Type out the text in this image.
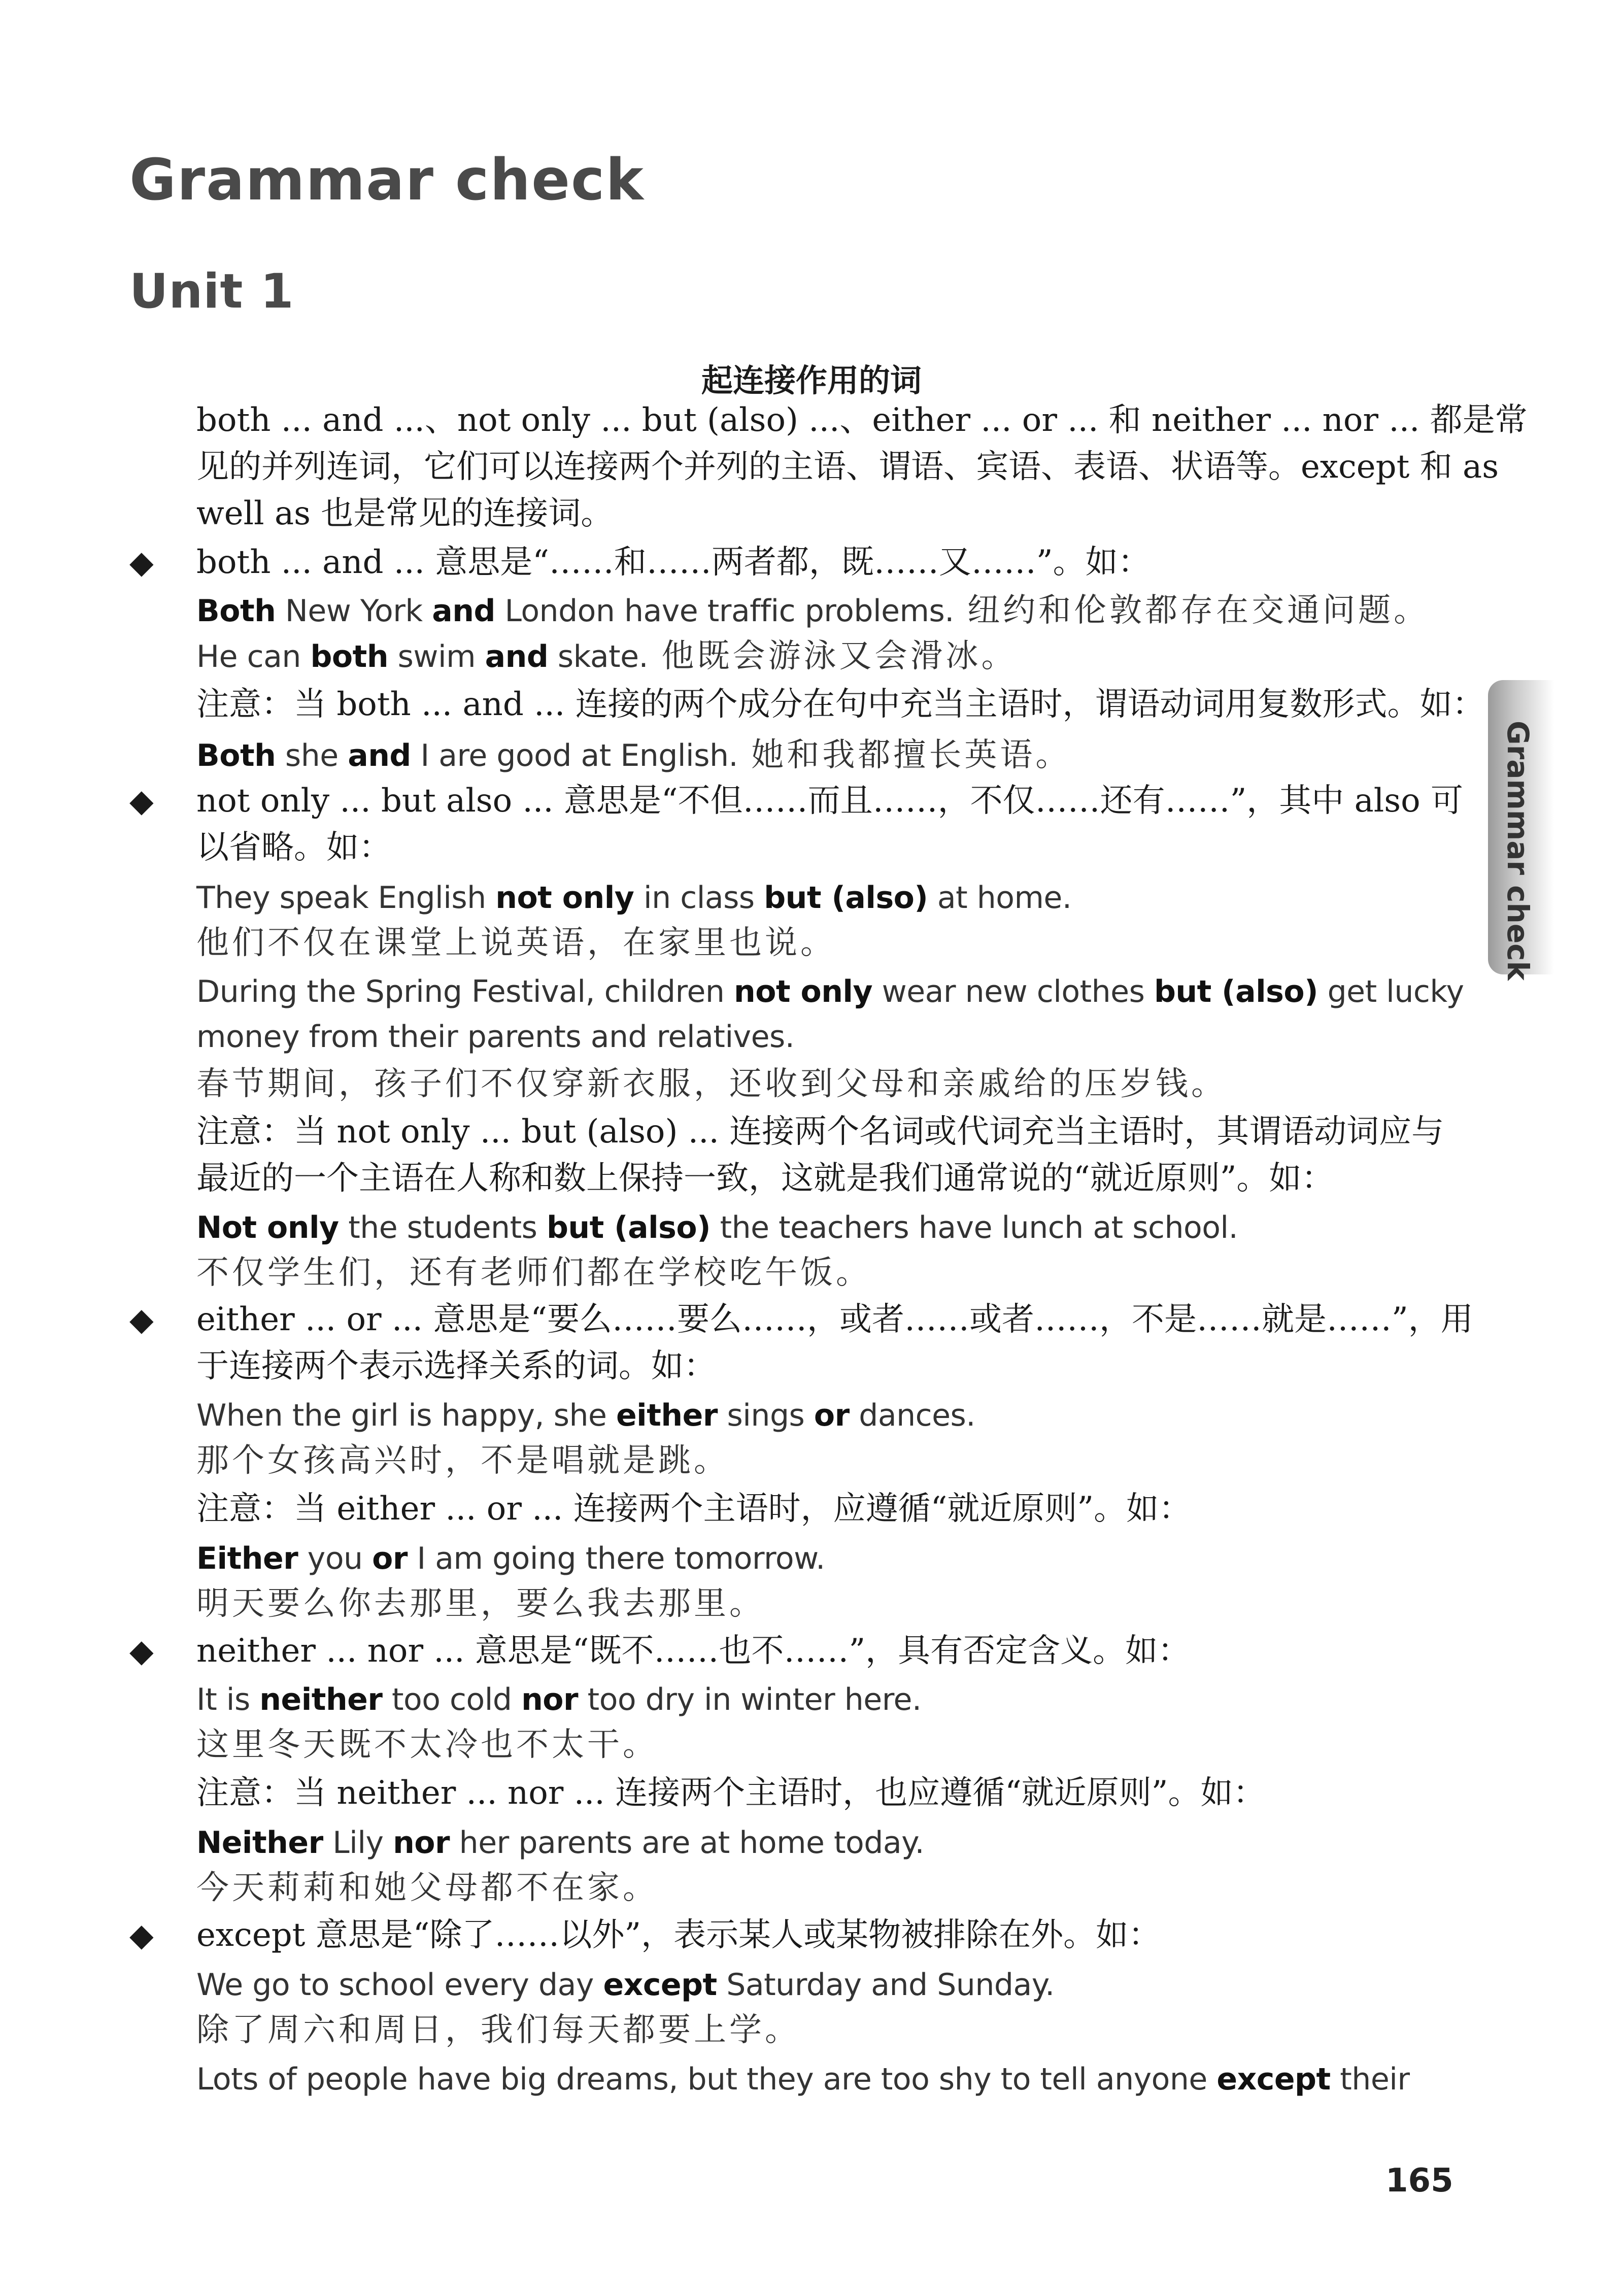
Grammar check
Unit 1
起连接作用的词

both ... and ...、not only ... but (also) ...、either ... or ... 和 neither ... nor ... 都是常

见的并列连词，它们可以连接两个并列的主语、谓语、宾语、表语、状语等。except 和 as

well as 也是常见的连接词。

◆ both ... and ... 意思是“……和……两者都，既……又……”。如：

Both New York and London have traffic problems. 纽约和伦敦都存在交通问题。

He can both swim and skate. 他既会游泳又会滑冰。

注意：当 both ... and ... 连接的两个成分在句中充当主语时，谓语动词用复数形式。如：

Both she and I are good at English. 她和我都擅长英语。

◆ not only ... but also ... 意思是“不但……而且……，不仅……还有……”，其中 also 可

以省略。如：

They speak English not only in class but (also) at home.

他们不仅在课堂上说英语，在家里也说。

During the Spring Festival, children not only wear new clothes but (also) get lucky

money from their parents and relatives.

春节期间，孩子们不仅穿新衣服，还收到父母和亲戚给的压岁钱。

注意：当 not only ... but (also) ... 连接两个名词或代词充当主语时，其谓语动词应与

最近的一个主语在人称和数上保持一致，这就是我们通常说的“就近原则”。如：

Not only the students but (also) the teachers have lunch at school.

不仅学生们，还有老师们都在学校吃午饭。

◆ either ... or ... 意思是“要么……要么……，或者……或者……，不是……就是……”，用

于连接两个表示选择关系的词。如：

When the girl is happy, she either sings or dances.

那个女孩高兴时，不是唱就是跳。

注意：当 either ... or ... 连接两个主语时，应遵循“就近原则”。如：

Either you or I am going there tomorrow.

明天要么你去那里，要么我去那里。

◆ neither ... nor ... 意思是“既不……也不……”，具有否定含义。如：

It is neither too cold nor too dry in winter here.

这里冬天既不太冷也不太干。

注意：当 neither ... nor ... 连接两个主语时，也应遵循“就近原则”。如：

Neither Lily nor her parents are at home today.

今天莉莉和她父母都不在家。

◆ except 意思是“除了……以外”，表示某人或某物被排除在外。如：

We go to school every day except Saturday and Sunday.

除了周六和周日，我们每天都要上学。

Lots of people have big dreams, but they are too shy to tell anyone except their

Grammar check

165
